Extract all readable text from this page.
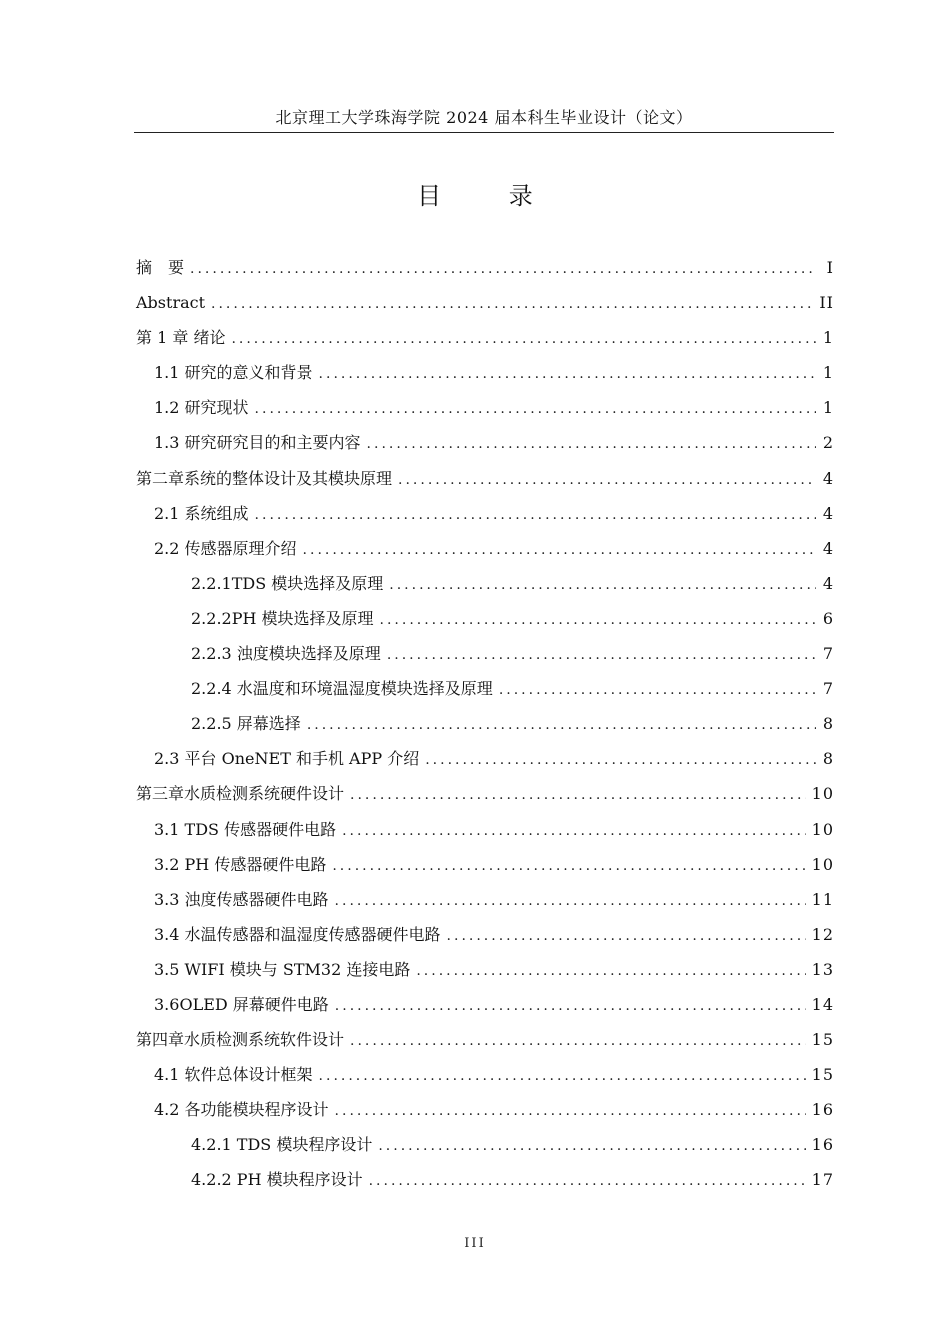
北京理工大学珠海学院 2024 届本科生毕业设计（论文）
目 录
摘　要 .....	I
Abstract .....	II
第 1 章 绪论 .....	1
1.1 研究的意义和背景 .....	1
1.2 研究现状 .....	1
1.3 研究研究目的和主要内容 .....	2
第二章系统的整体设计及其模块原理 .....	4
2.1 系统组成 .....	4
2.2 传感器原理介绍 .....	4
2.2.1TDS 模块选择及原理 .....	4
2.2.2PH 模块选择及原理 .....	6
2.2.3 浊度模块选择及原理 .....	7
2.2.4 水温度和环境温湿度模块选择及原理 .....	7
2.2.5 屏幕选择 .....	8
2.3 平台 OneNET 和手机 APP 介绍 .....	8
第三章水质检测系统硬件设计 .....	10
3.1 TDS 传感器硬件电路 .....	10
3.2 PH 传感器硬件电路 .....	10
3.3 浊度传感器硬件电路 .....	11
3.4 水温传感器和温湿度传感器硬件电路 .....	12
3.5 WIFI 模块与 STM32 连接电路 .....	13
3.6OLED 屏幕硬件电路 .....	14
第四章水质检测系统软件设计 .....	15
4.1 软件总体设计框架 .....	15
4.2 各功能模块程序设计 .....	16
4.2.1 TDS 模块程序设计 .....	16
4.2.2 PH 模块程序设计 .....	17
III
